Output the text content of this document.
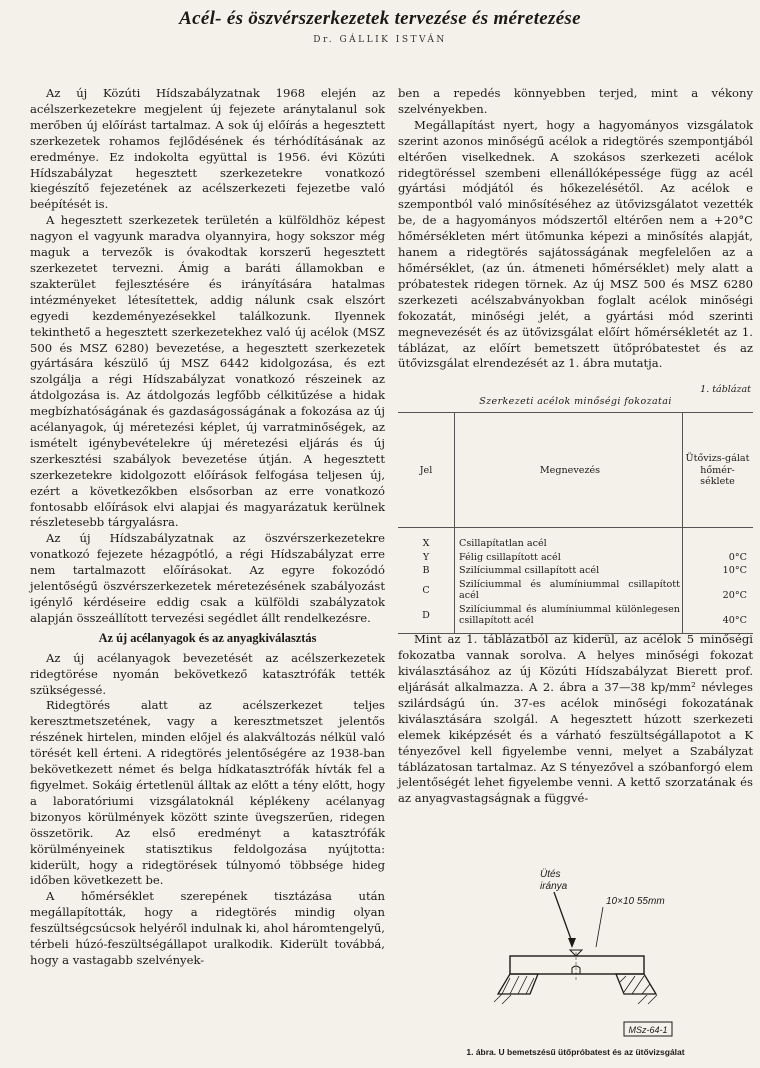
Acél- és öszvérszerkezetek tervezése és méretezése
Dr. GÁLLIK ISTVÁN

Az új Közúti Hídszabályzatnak 1968 elején az acélszerkezetekre megjelent új fejezete aránytalanul sok merőben új előírást tartalmaz. A sok új előírás a hegesztett szerkezetek rohamos fejlődésének és térhódításának az eredménye. Ez indokolta együttal is 1956. évi Közúti Hídszabályzat hegesztett szerkezetekre vonatkozó kiegészítő fejezetének az acélszerkezeti fejezetbe való beépítését is.

A hegesztett szerkezetek területén a külföldhöz képest nagyon el vagyunk maradva olyannyira, hogy sokszor még maguk a tervezők is óvakodtak korszerű hegesztett szerkezetet tervezni. Ámig a baráti államokban e szakterület fejlesztésére és irányítására hatalmas intézményeket létesítettek, addig nálunk csak elszórt egyedi kezdeményezésekkel találkozunk. Ilyennek tekinthető a hegesztett szerkezetekhez való új acélok (MSZ 500 és MSZ 6280) bevezetése, a hegesztett szerkezetek gyártására készülő új MSZ 6442 kidolgozása, és ezt szolgálja a régi Hídszabályzat vonatkozó részeinek az átdolgozása is. Az átdolgozás legfőbb célkitűzése a hidak megbízhatóságának és gazdaságosságának a fokozása az új acélanyagok, új méretezési képlet, új varratminőségek, az ismételt igénybevételekre új méretezési eljárás és új szerkesztési szabályok bevezetése útján. A hegesztett szerkezetekre kidolgozott előírások felfogása teljesen új, ezért a következőkben elsősorban az erre vonatkozó fontosabb előírások elvi alapjai és magyarázatuk kerülnek részletesebb tárgyalásra.

Az új Hídszabályzatnak az öszvérszerkezetekre vonatkozó fejezete hézagpótló, a régi Hídszabályzat erre nem tartalmazott előírásokat. Az egyre fokozódó jelentőségű öszvérszerkezetek méretezésének szabályozást igénylő kérdéseire eddig csak a külföldi szabályzatok alapján összeállított tervezési segédlet állt rendelkezésre.

Az új acélanyagok és az anyagkiválasztás

Az új acélanyagok bevezetését az acélszerkezetek ridegtörése nyomán bekövetkező katasztrófák tették szükségessé.

Ridegtörés alatt az acélszerkezet teljes keresztmetszetének, vagy a keresztmetszet jelentős részének hirtelen, minden előjel és alakváltozás nélkül való törését kell érteni. A ridegtörés jelentőségére az 1938-ban bekövetkezett német és belga hídkatasztrófák hívták fel a figyelmet. Sokáig értetlenül álltak az előtt a tény előtt, hogy a laboratóriumi vizsgálatoknál képlékeny acélanyag bizonyos körülmények között szinte üvegszerűen, ridegen összetörik. Az első eredményt a katasztrófák körülményeinek statisztikus feldolgozása nyújtotta: kiderült, hogy a ridegtörések túlnyomó többsége hideg időben következett be.

A hőmérséklet szerepének tisztázása után megállapították, hogy a ridegtörés mindig olyan feszültségcsúcsok helyéről indulnak ki, ahol háromtengelyű, térbeli húzó-feszültségállapot uralkodik. Kiderült továbbá, hogy a vastagabb szelvények-

ben a repedés könnyebben terjed, mint a vékony szelvényekben.

Megállapítást nyert, hogy a hagyományos vizsgálatok szerint azonos minőségű acélok a ridegtörés szempontjából eltérően viselkednek. A szokásos szerkezeti acélok ridegtöréssel szembeni ellenállóképessége függ az acél gyártási módjától és hőkezelésétől. Az acélok e szempontból való minősítéséhez az ütővizsgálatot vezették be, de a hagyományos módszertől eltérően nem a +20°C hőmérsékleten mért ütőmunka képezi a minősítés alapját, hanem a ridegtörés sajátosságának megfelelően az a hőmérséklet, (az ún. átmeneti hőmérséklet) mely alatt a próbatestek ridegen törnek. Az új MSZ 500 és MSZ 6280 szerkezeti acélszabványokban foglalt acélok minőségi fokozatát, minőségi jelét, a gyártási mód szerinti megnevezését és az ütővizsgálat előírt hőmérsékletét az 1. táblázat, az előírt bemetszett ütőpróbatestet és az ütővizsgálat elrendezését az 1. ábra mutatja.

1. táblázat
Szerkezeti acélok minőségi fokozatai
Jel	Megnevezés	Ütővizs-gálat hőmér-séklete
X	Csillapítatlan acél	
Y	Félig csillapított acél	0°C
B	Szilíciummal csillapított acél	10°C
C	Szilíciummal és alumíniummal csillapított acél	20°C
D	Szilíciummal és alumíniummal különlegesen csillapított acél	40°C

Mint az 1. táblázatból az kiderül, az acélok 5 minőségi fokozatba vannak sorolva. A helyes minőségi fokozat kiválasztásához az új Közúti Hídszabályzat Bierett prof. eljárását alkalmazza. A 2. ábra a 37—38 kp/mm² névleges szilárdságú ún. 37-es acélok minőségi fokozatának kiválasztására szolgál. A hegesztett húzott szerkezeti elemek kiképzését és a várható feszültségállapotot a K tényezővel kell figyelembe venni, melyet a Szabályzat táblázatosan tartalmaz. Az S tényezővel a szóbanforgó elem jelentőségét lehet figyelembe venni. A kettő szorzatának és az anyagvastagságnak a függvé-

Ütés
iránya
10×10 55mm
MSz-64-1
1. ábra. U bemetszésű ütőpróbatest és az ütővizsgálat
